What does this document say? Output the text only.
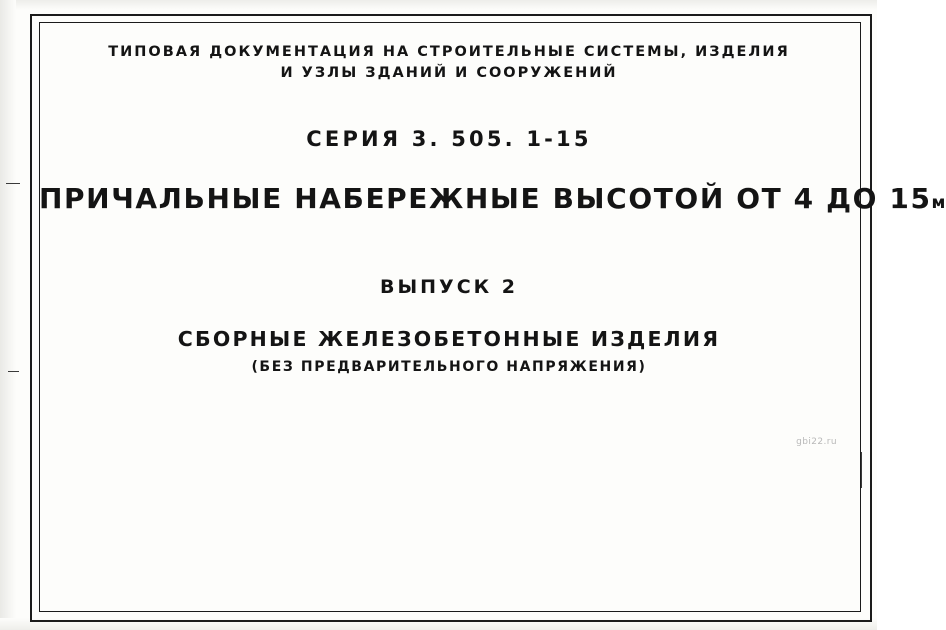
ТИПОВАЯ ДОКУМЕНТАЦИЯ НА СТРОИТЕЛЬНЫЕ СИСТЕМЫ, ИЗДЕЛИЯ
И УЗЛЫ ЗДАНИЙ И СООРУЖЕНИЙ
СЕРИЯ 3. 505. 1-15
ПРИЧАЛЬНЫЕ НАБЕРЕЖНЫЕ ВЫСОТОЙ ОТ 4 ДО 15м
ВЫПУСК 2
СБОРНЫЕ ЖЕЛЕЗОБЕТОННЫЕ ИЗДЕЛИЯ
(БЕЗ ПРЕДВАРИТЕЛЬНОГО НАПРЯЖЕНИЯ)
gbi22.ru
